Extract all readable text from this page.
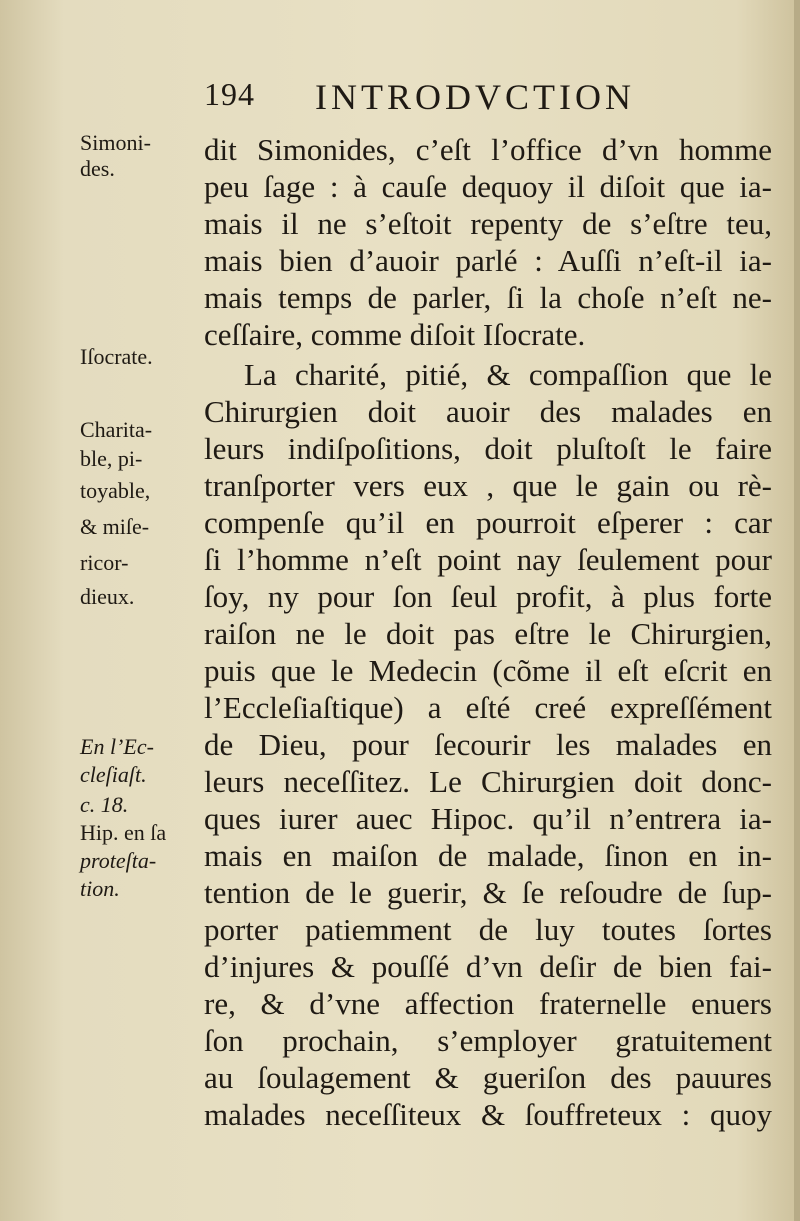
194 INTRODVCTION
dit Simonides, c’eſt l’office d’vn homme
peu ſage : à cauſe dequoy il diſoit que ia-
mais il ne s’eſtoit repenty de s’eſtre teu,
mais bien d’auoir parlé : Auſſi n’eſt-il ia-
mais temps de parler, ſi la choſe n’eſt ne-
ceſſaire, comme diſoit Iſocrate.
La charité, pitié, & compaſſion que le
Chirurgien doit auoir des malades en
leurs indiſpoſitions, doit pluſtoſt le faire
tranſporter vers eux , que le gain ou rè-
compenſe qu’il en pourroit eſperer : car
ſi l’homme n’eſt point nay ſeulement pour
ſoy, ny pour ſon ſeul profit, à plus forte
raiſon ne le doit pas eſtre le Chirurgien,
puis que le Medecin (cõme il eſt eſcrit en
l’Eccleſiaſtique) a eſté creé expreſſément
de Dieu, pour ſecourir les malades en
leurs neceſſitez. Le Chirurgien doit donc-
ques iurer auec Hipoc. qu’il n’entrera ia-
mais en maiſon de malade, ſinon en in-
tention de le guerir, & ſe reſoudre de ſup-
porter patiemment de luy toutes ſortes
d’injures & pouſſé d’vn deſir de bien fai-
re, & d’vne affection fraternelle enuers
ſon prochain, s’employer gratuitement
au ſoulagement & gueriſon des pauures
malades neceſſiteux & ſouffreteux : quoy
Simoni-
des.
Iſocrate.
Charita-
ble, pi-
toyable,
& miſe-
ricor-
dieux.
En l’Ec-
cleſiaſt.
c. 18.
Hip. en ſa
proteſta-
tion.
